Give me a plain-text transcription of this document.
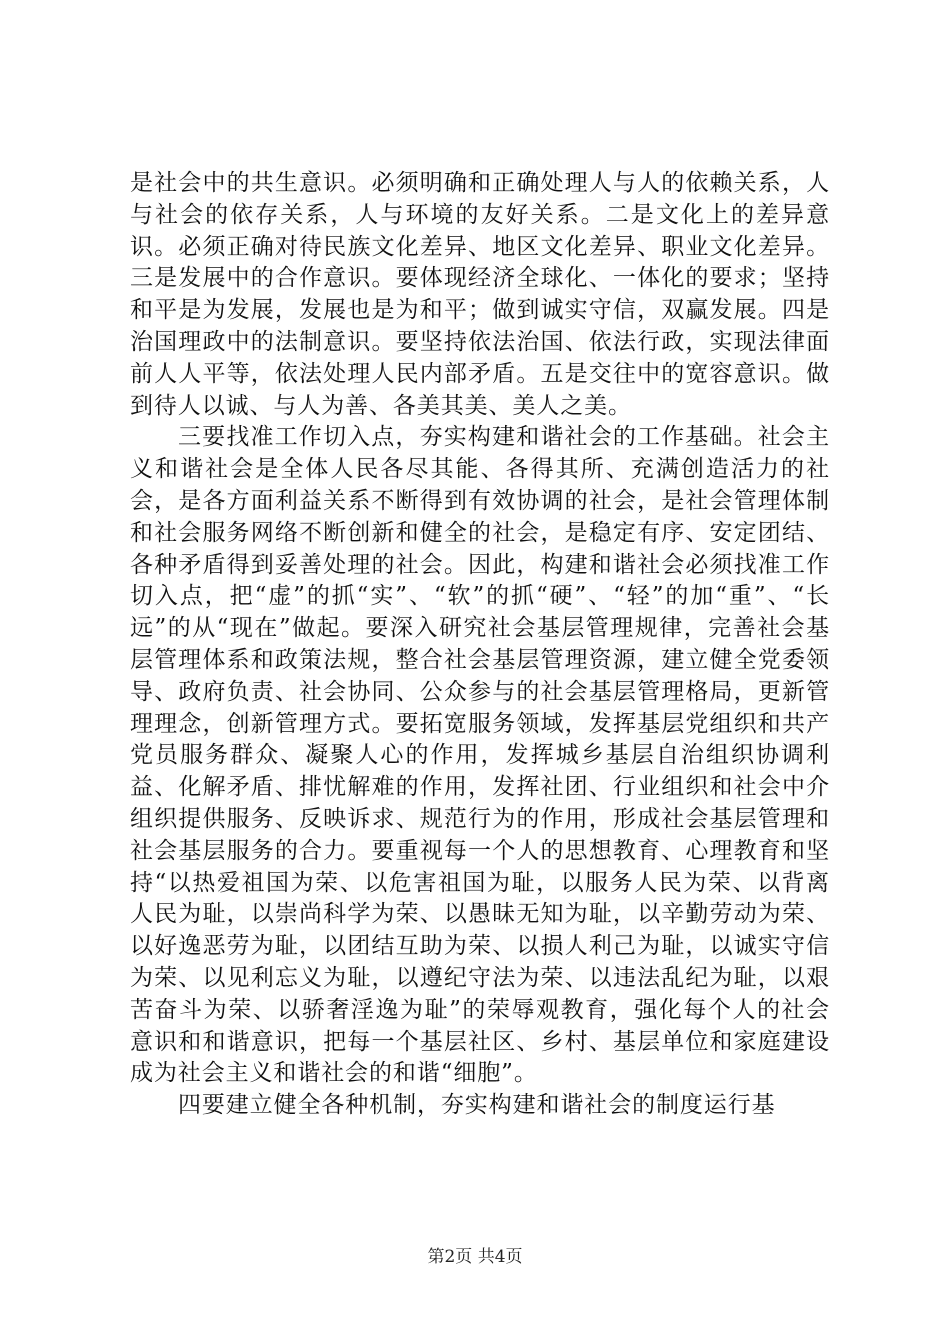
是社会中的共生意识。必须明确和正确处理人与人的依赖关系，人与社会的依存关系，人与环境的友好关系。二是文化上的差异意识。必须正确对待民族文化差异、地区文化差异、职业文化差异。三是发展中的合作意识。要体现经济全球化、一体化的要求；坚持和平是为发展，发展也是为和平；做到诚实守信，双赢发展。四是治国理政中的法制意识。要坚持依法治国、依法行政，实现法律面前人人平等，依法处理人民内部矛盾。五是交往中的宽容意识。做到待人以诚、与人为善、各美其美、美人之美。

三要找准工作切入点，夯实构建和谐社会的工作基础。社会主义和谐社会是全体人民各尽其能、各得其所、充满创造活力的社会，是各方面利益关系不断得到有效协调的社会，是社会管理体制和社会服务网络不断创新和健全的社会，是稳定有序、安定团结、各种矛盾得到妥善处理的社会。因此，构建和谐社会必须找准工作切入点，把“虚”的抓“实”、“软”的抓“硬”、“轻”的加“重”、“长远”的从“现在”做起。要深入研究社会基层管理规律，完善社会基层管理体系和政策法规，整合社会基层管理资源，建立健全党委领导、政府负责、社会协同、公众参与的社会基层管理格局，更新管理理念，创新管理方式。要拓宽服务领域，发挥基层党组织和共产党员服务群众、凝聚人心的作用，发挥城乡基层自治组织协调利益、化解矛盾、排忧解难的作用，发挥社团、行业组织和社会中介组织提供服务、反映诉求、规范行为的作用，形成社会基层管理和社会基层服务的合力。要重视每一个人的思想教育、心理教育和坚持“以热爱祖国为荣、以危害祖国为耻，以服务人民为荣、以背离人民为耻，以崇尚科学为荣、以愚昧无知为耻，以辛勤劳动为荣、以好逸恶劳为耻，以团结互助为荣、以损人利己为耻，以诚实守信为荣、以见利忘义为耻，以遵纪守法为荣、以违法乱纪为耻，以艰苦奋斗为荣、以骄奢淫逸为耻”的荣辱观教育，强化每个人的社会意识和和谐意识，把每一个基层社区、乡村、基层单位和家庭建设成为社会主义和谐社会的和谐“细胞”。

四要建立健全各种机制，夯实构建和谐社会的制度运行基

第2页 共4页
